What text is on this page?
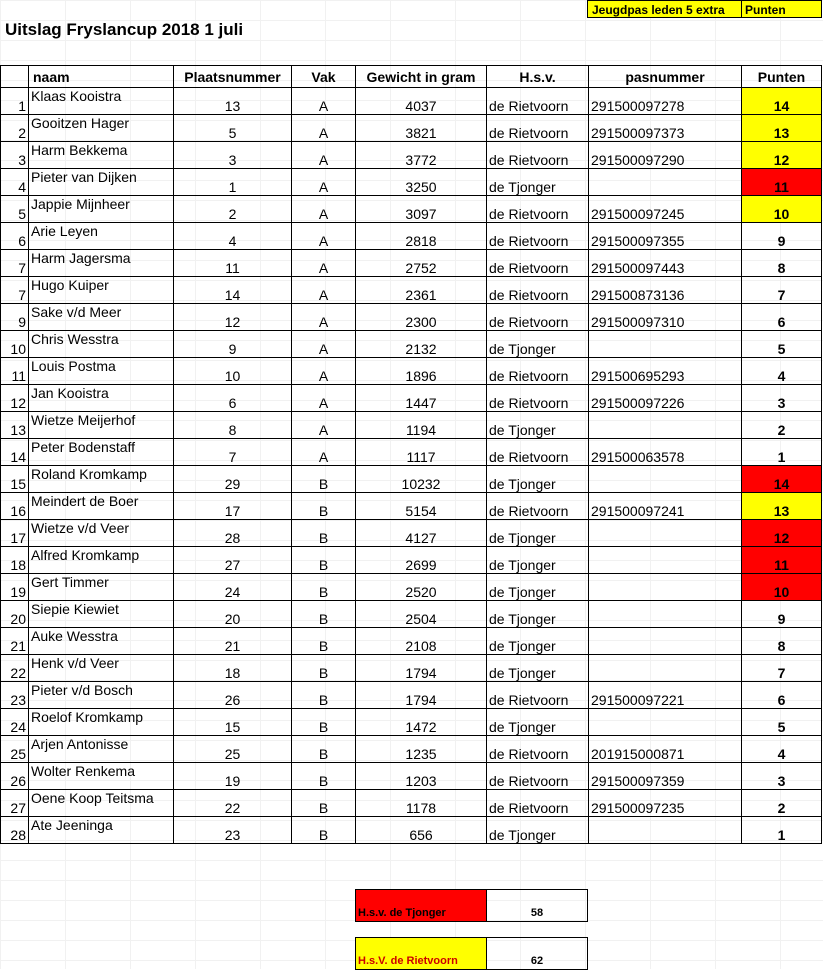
Jeugdpas leden 5 extra	Punten
Uitslag Fryslancup 2018 1 juli
	naam	Plaatsnummer	Vak	Gewicht in gram	H.s.v.	pasnummer	Punten
1	Klaas Kooistra	13	A	4037	de Rietvoorn	291500097278	14
2	Gooitzen Hager	5	A	3821	de Rietvoorn	291500097373	13
3	Harm Bekkema	3	A	3772	de Rietvoorn	291500097290	12
4	Pieter van Dijken	1	A	3250	de Tjonger		11
5	Jappie Mijnheer	2	A	3097	de Rietvoorn	291500097245	10
6	Arie Leyen	4	A	2818	de Rietvoorn	291500097355	9
7	Harm Jagersma	11	A	2752	de Rietvoorn	291500097443	8
7	Hugo Kuiper	14	A	2361	de Rietvoorn	291500873136	7
9	Sake v/d Meer	12	A	2300	de Rietvoorn	291500097310	6
10	Chris Wesstra	9	A	2132	de Tjonger		5
11	Louis Postma	10	A	1896	de Rietvoorn	291500695293	4
12	Jan Kooistra	6	A	1447	de Rietvoorn	291500097226	3
13	Wietze Meijerhof	8	A	1194	de Tjonger		2
14	Peter Bodenstaff	7	A	1117	de Rietvoorn	291500063578	1
15	Roland Kromkamp	29	B	10232	de Tjonger		14
16	Meindert de Boer	17	B	5154	de Rietvoorn	291500097241	13
17	Wietze v/d Veer	28	B	4127	de Tjonger		12
18	Alfred Kromkamp	27	B	2699	de Tjonger		11
19	Gert Timmer	24	B	2520	de Tjonger		10
20	Siepie Kiewiet	20	B	2504	de Tjonger		9
21	Auke Wesstra	21	B	2108	de Tjonger		8
22	Henk v/d Veer	18	B	1794	de Tjonger		7
23	Pieter v/d Bosch	26	B	1794	de Rietvoorn	291500097221	6
24	Roelof Kromkamp	15	B	1472	de Tjonger		5
25	Arjen Antonisse	25	B	1235	de Rietvoorn	201915000871	4
26	Wolter Renkema	19	B	1203	de Rietvoorn	291500097359	3
27	Oene Koop Teitsma	22	B	1178	de Rietvoorn	291500097235	2
28	Ate Jeeninga	23	B	656	de Tjonger		1
H.s.v. de Tjonger	58
H.s.V. de Rietvoorn	62
